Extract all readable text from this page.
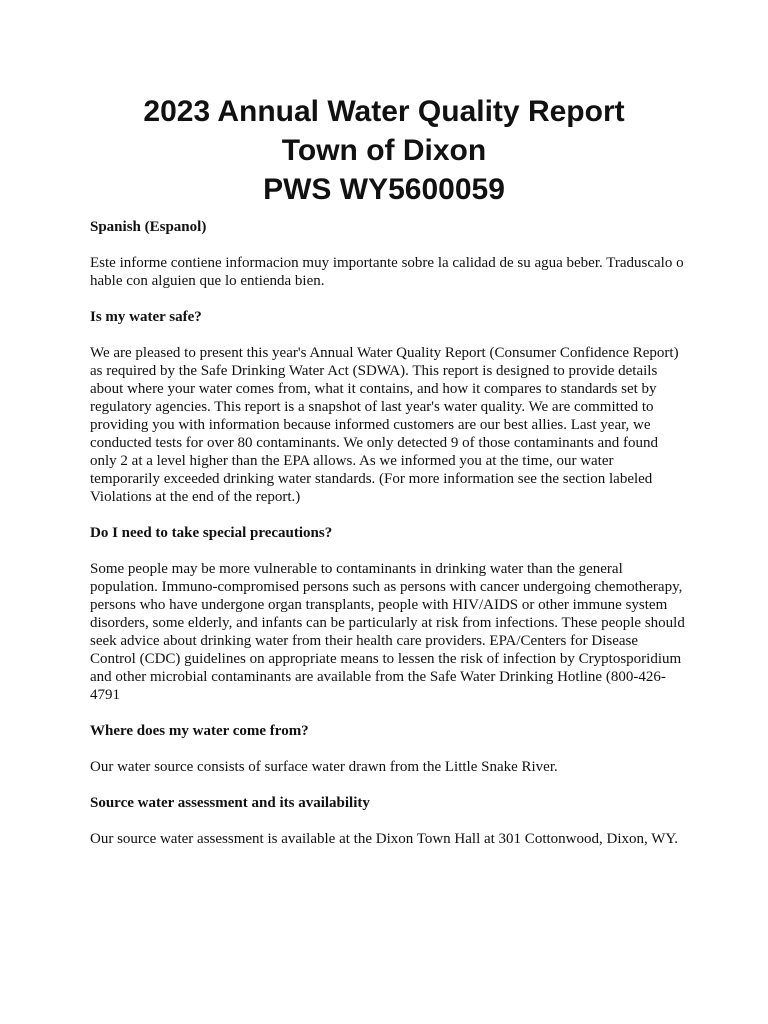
2023 Annual Water Quality Report
Town of Dixon
PWS WY5600059
Spanish (Espanol)
Este informe contiene informacion muy importante sobre la calidad de su agua beber. Traduscalo o hable con alguien que lo entienda bien.
Is my water safe?
We are pleased to present this year's Annual Water Quality Report (Consumer Confidence Report) as required by the Safe Drinking Water Act (SDWA). This report is designed to provide details about where your water comes from, what it contains, and how it compares to standards set by regulatory agencies. This report is a snapshot of last year's water quality. We are committed to providing you with information because informed customers are our best allies. Last year, we conducted tests for over 80 contaminants. We only detected 9 of those contaminants and found only 2 at a level higher than the EPA allows. As we informed you at the time, our water temporarily exceeded drinking water standards. (For more information see the section labeled Violations at the end of the report.)
Do I need to take special precautions?
Some people may be more vulnerable to contaminants in drinking water than the general population. Immuno-compromised persons such as persons with cancer undergoing chemotherapy, persons who have undergone organ transplants, people with HIV/AIDS or other immune system disorders, some elderly, and infants can be particularly at risk from infections. These people should seek advice about drinking water from their health care providers. EPA/Centers for Disease Control (CDC) guidelines on appropriate means to lessen the risk of infection by Cryptosporidium and other microbial contaminants are available from the Safe Water Drinking Hotline (800-426-4791
Where does my water come from?
Our water source consists of surface water drawn from the Little Snake River.
Source water assessment and its availability
Our source water assessment is available at the Dixon Town Hall at 301 Cottonwood, Dixon, WY.
